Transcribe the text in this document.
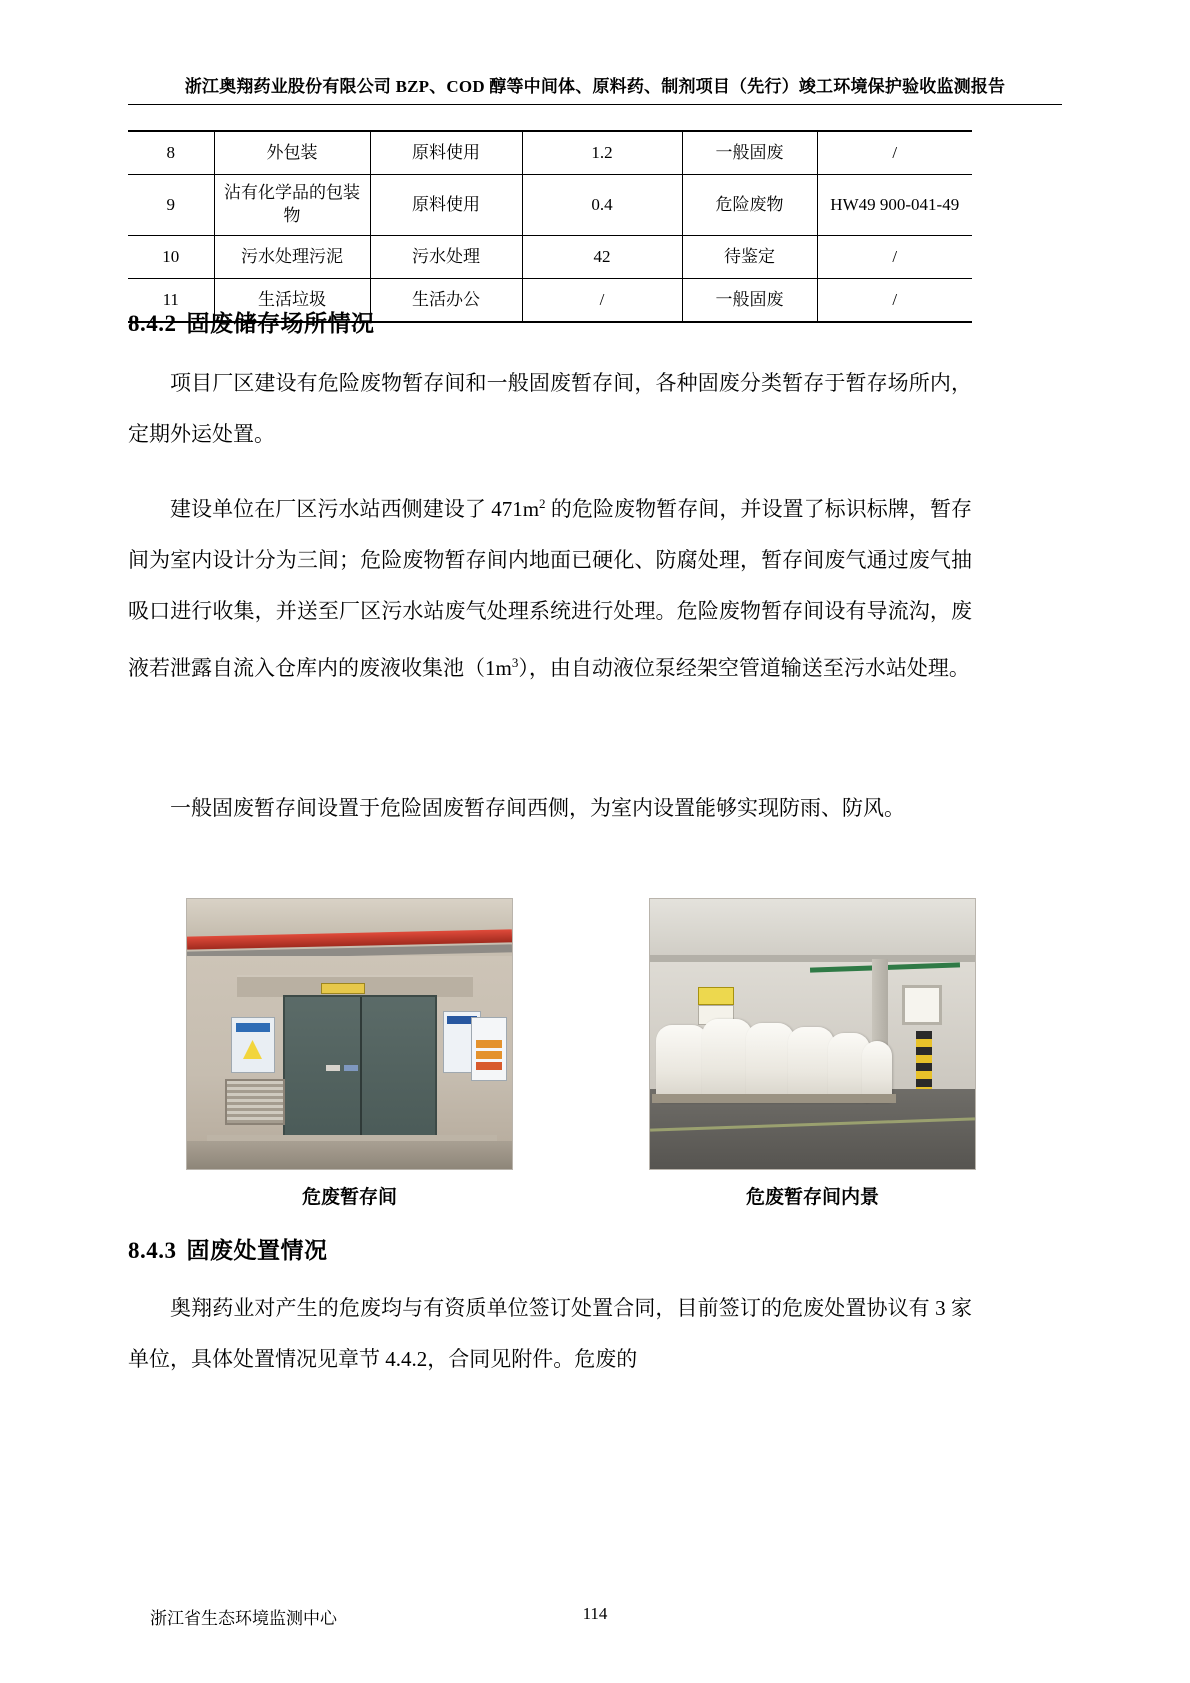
浙江奥翔药业股份有限公司 BZP、COD 醇等中间体、原料药、制剂项目（先行）竣工环境保护验收监测报告
8	外包装	原料使用	1.2	一般固废	/
9	沾有化学品的包装物	原料使用	0.4	危险废物	HW49 900-041-49
10	污水处理污泥	污水处理	42	待鉴定	/
11	生活垃圾	生活办公	/	一般固废	/
8.4.2 固废储存场所情况

项目厂区建设有危险废物暂存间和一般固废暂存间，各种固废分类暂存于暂存场所内，定期外运处置。

建设单位在厂区污水站西侧建设了 $471m^2$ 的危险废物暂存间，并设置了标识标牌，暂存间为室内设计分为三间；危险废物暂存间内地面已硬化、防腐处理，暂存间废气通过废气抽吸口进行收集，并送至厂区污水站废气处理系统进行处理。危险废物暂存间设有导流沟，废液若泄露自流入仓库内的废液收集池$(1m^3)$，由自动液位泵经架空管道输送至污水站处理。

一般固废暂存间设置于危险固废暂存间西侧，为室内设置能够实现防雨、防风。

危废暂存间	危废暂存间内景
8.4.3 固废处置情况

奥翔药业对产生的危废均与有资质单位签订处置合同，目前签订的危废处置协议有 3 家单位，具体处置情况见章节 4.4.2，合同见附件。危废的

浙江省生态环境监测中心	114
